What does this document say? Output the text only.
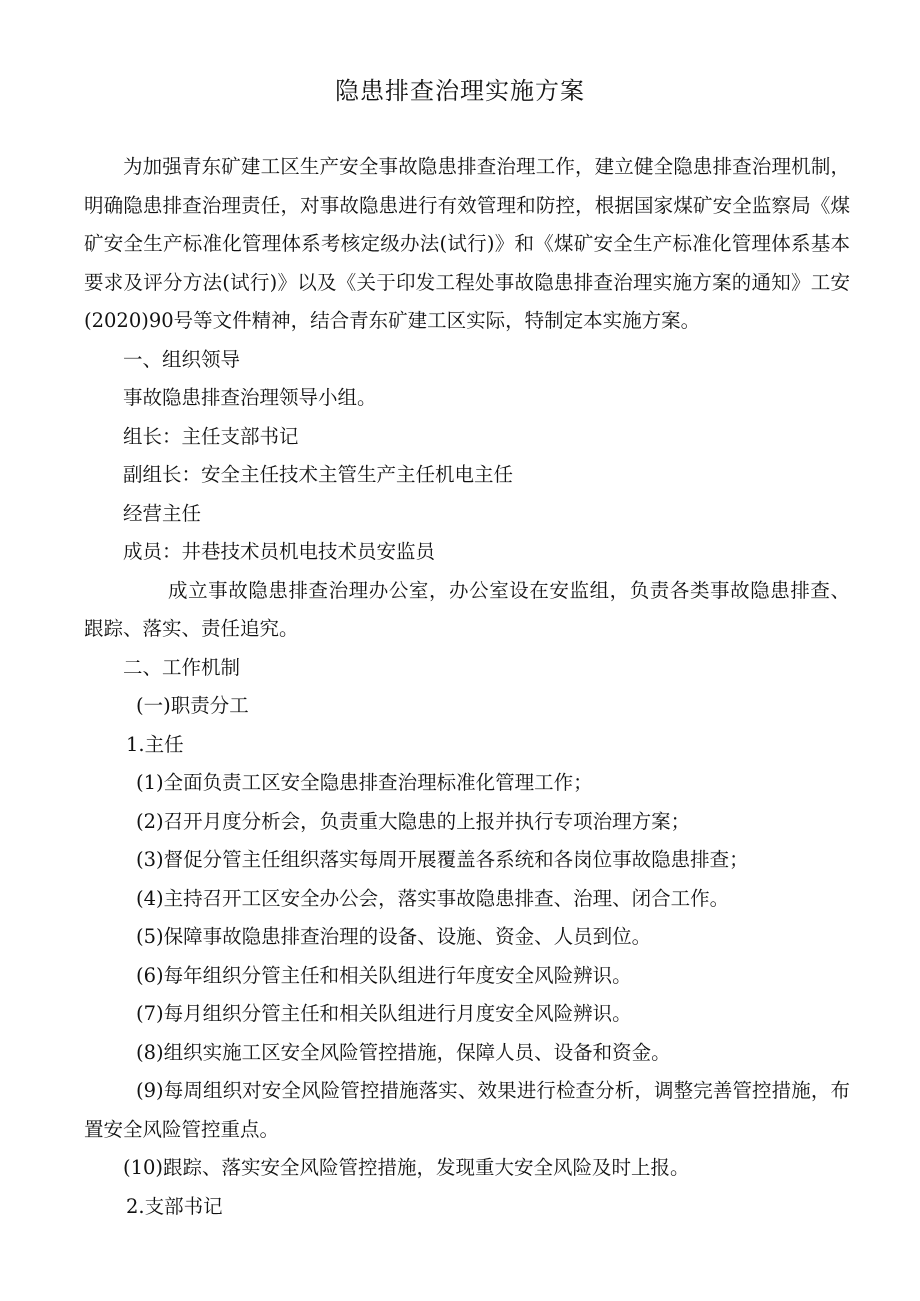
隐患排查治理实施方案

为加强青东矿建工区生产安全事故隐患排查治理工作，建立健全隐患排查治理机制，明确隐患排查治理责任，对事故隐患进行有效管理和防控，根据国家煤矿安全监察局《煤矿安全生产标准化管理体系考核定级办法(试行)》和《煤矿安全生产标准化管理体系基本要求及评分方法(试行)》以及《关于印发工程处事故隐患排查治理实施方案的通知》工安(2020)90号等文件精神，结合青东矿建工区实际，特制定本实施方案。

一、组织领导

事故隐患排查治理领导小组。

组长：主任支部书记

副组长：安全主任技术主管生产主任机电主任

经营主任

成员：井巷技术员机电技术员安监员

成立事故隐患排查治理办公室，办公室设在安监组，负责各类事故隐患排查、跟踪、落实、责任追究。

二、工作机制

(一)职责分工

1.主任

(1)全面负责工区安全隐患排查治理标准化管理工作；

(2)召开月度分析会，负责重大隐患的上报并执行专项治理方案；

(3)督促分管主任组织落实每周开展覆盖各系统和各岗位事故隐患排查；

(4)主持召开工区安全办公会，落实事故隐患排查、治理、闭合工作。

(5)保障事故隐患排查治理的设备、设施、资金、人员到位。

(6)每年组织分管主任和相关队组进行年度安全风险辨识。

(7)每月组织分管主任和相关队组进行月度安全风险辨识。

(8)组织实施工区安全风险管控措施，保障人员、设备和资金。

(9)每周组织对安全风险管控措施落实、效果进行检查分析，调整完善管控措施，布置安全风险管控重点。

(10)跟踪、落实安全风险管控措施，发现重大安全风险及时上报。

2.支部书记
